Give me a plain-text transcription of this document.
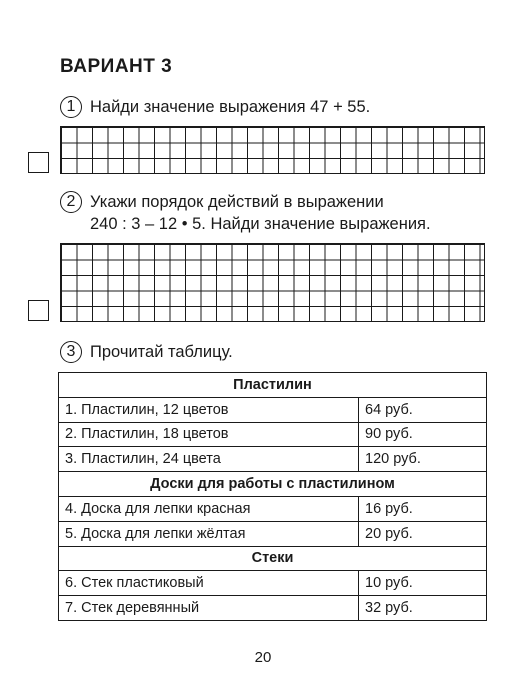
ВАРИАНТ 3
1 Найди значение выражения 47 + 55.
2 Укажи порядок действий в выражении
240 : 3 – 12 • 5. Найди значение выражения.
3 Прочитай таблицу.
Пластилин	
1. Пластилин, 12 цветов	64 руб.
2. Пластилин, 18 цветов	90 руб.
3. Пластилин, 24 цвета	120 руб.
Доски для работы с пластилином	
4. Доска для лепки красная	16 руб.
5. Доска для лепки жёлтая	20 руб.
Стеки	
6. Стек пластиковый	10 руб.
7. Стек деревянный	32 руб.
20
